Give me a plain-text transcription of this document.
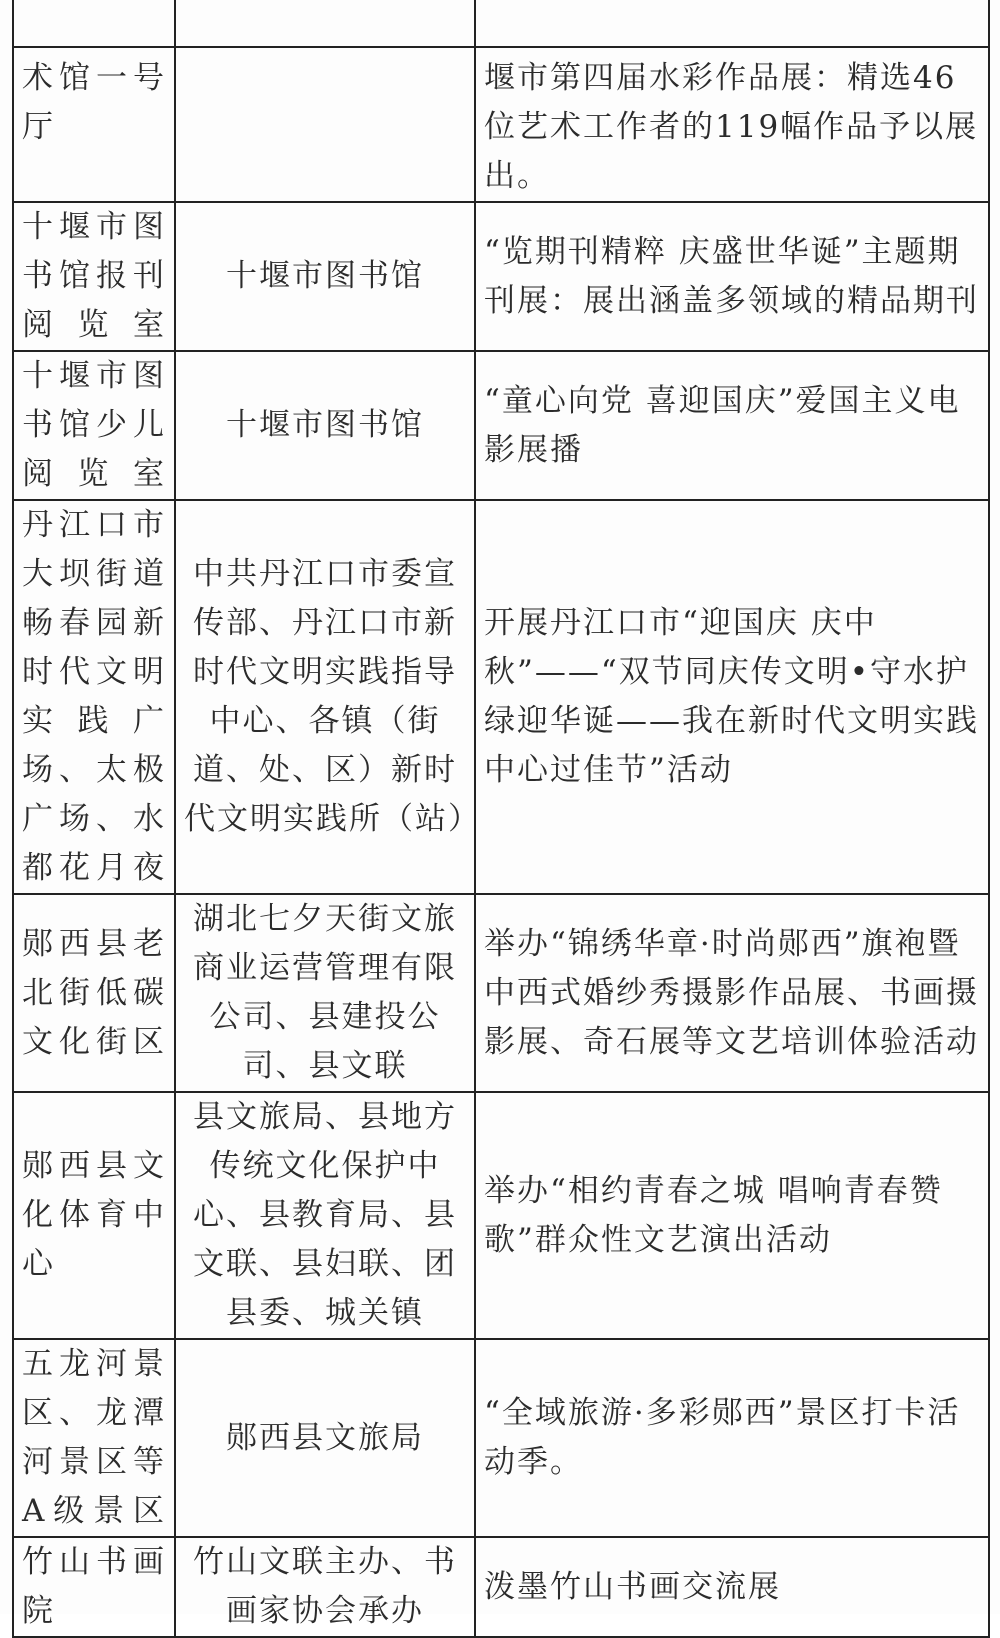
术馆一号厅		堰市第四届水彩作品展：精选46位艺术工作者的119幅作品予以展出。
十堰市图书馆报刊阅览室	十堰市图书馆	“览期刊精粹 庆盛世华诞”主题期刊展：展出涵盖多领域的精品期刊
十堰市图书馆少儿阅览室	十堰市图书馆	“童心向党 喜迎国庆”爱国主义电影展播
丹江口市大坝街道畅春园新时代文明实践广场、太极广场、水都花月夜	中共丹江口市委宣传部、丹江口市新时代文明实践指导中心、各镇（街道、处、区）新时代文明实践所（站）	开展丹江口市“迎国庆 庆中秋”——“双节同庆传文明•守水护绿迎华诞——我在新时代文明实践中心过佳节”活动
郧西县老北街低碳文化街区	湖北七夕天街文旅商业运营管理有限公司、县建投公司、县文联	举办“锦绣华章·时尚郧西”旗袍暨中西式婚纱秀摄影作品展、书画摄影展、奇石展等文艺培训体验活动
郧西县文化体育中心	县文旅局、县地方传统文化保护中心、县教育局、县文联、县妇联、团县委、城关镇	举办“相约青春之城 唱响青春赞歌”群众性文艺演出活动
五龙河景区、龙潭河景区等A级景区	郧西县文旅局	“全域旅游·多彩郧西”景区打卡活动季。
竹山书画院	竹山文联主办、书画家协会承办	泼墨竹山书画交流展
